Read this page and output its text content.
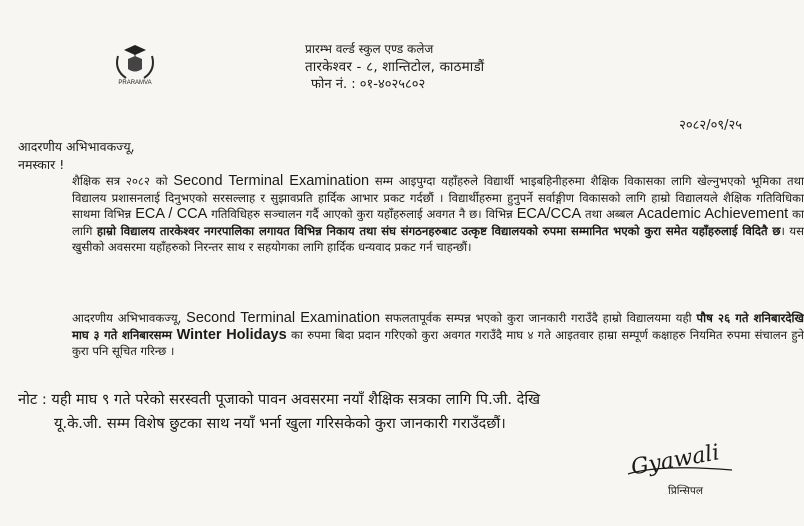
PRARAMVA
प्रारम्भ वर्ल्ड स्कुल एण्ड कलेज
तारकेश्वर - ८, शान्तिटोल, काठमाडौं
फोन नं. : ०१-४०२५८०२
२०८२/०९/२५
आदरणीय अभिभावकज्यू,
नमस्कार !
शैक्षिक सत्र २०८२ को Second Terminal Examination सम्म आइपुग्दा यहाँहरुले विद्यार्थी भाइबहिनीहरुमा शैक्षिक विकासका लागि खेल्नुभएको भूमिका तथा विद्यालय प्रशासनलाई दिनुभएको सरसल्लाह र सुझावप्रति हार्दिक आभार प्रकट गर्दछौं । विद्यार्थीहरुमा हुनुपर्ने सर्वाङ्गीण विकासको लागि हाम्रो विद्यालयले शैक्षिक गतिविधिका साथमा विभिन्न ECA / CCA गतिविधिहरु सञ्चालन गर्दै आएको कुरा यहाँहरुलाई अवगत नै छ। विभिन्न ECA/CCA तथा अब्बल Academic Achievement का लागि हाम्रो विद्यालय तारकेश्वर नगरपालिका लगायत विभिन्न निकाय तथा संघ संगठनहरुबाट उत्कृष्ट विद्यालयको रुपमा सम्मानित भएको कुरा समेत यहाँहरुलाई विदितै छ। यस खुसीको अवसरमा यहाँहरुको निरन्तर साथ र सहयोगका लागि हार्दिक धन्यवाद प्रकट गर्न चाहन्छौं।
आदरणीय अभिभावकज्यू, Second Terminal Examination सफलतापूर्वक सम्पन्न भएको कुरा जानकारी गराउँदै हाम्रो विद्यालयमा यही पौष २६ गते शनिबारदेखि माघ ३ गते शनिबारसम्म Winter Holidays का रुपमा बिदा प्रदान गरिएको कुरा अवगत गराउँदै माघ ४ गते आइतवार हाम्रा सम्पूर्ण कक्षाहरु नियमित रुपमा संचालन हुने कुरा पनि सूचित गरिन्छ ।
नोट : यही माघ ९ गते परेको सरस्वती पूजाको पावन अवसरमा नयाँ शैक्षिक सत्रका लागि पि.जी. देखि
यू.के.जी. सम्म विशेष छुटका साथ नयाँ भर्ना खुला गरिसकेको कुरा जानकारी गराउँदछौं।
Gyawali
प्रिन्सिपल
